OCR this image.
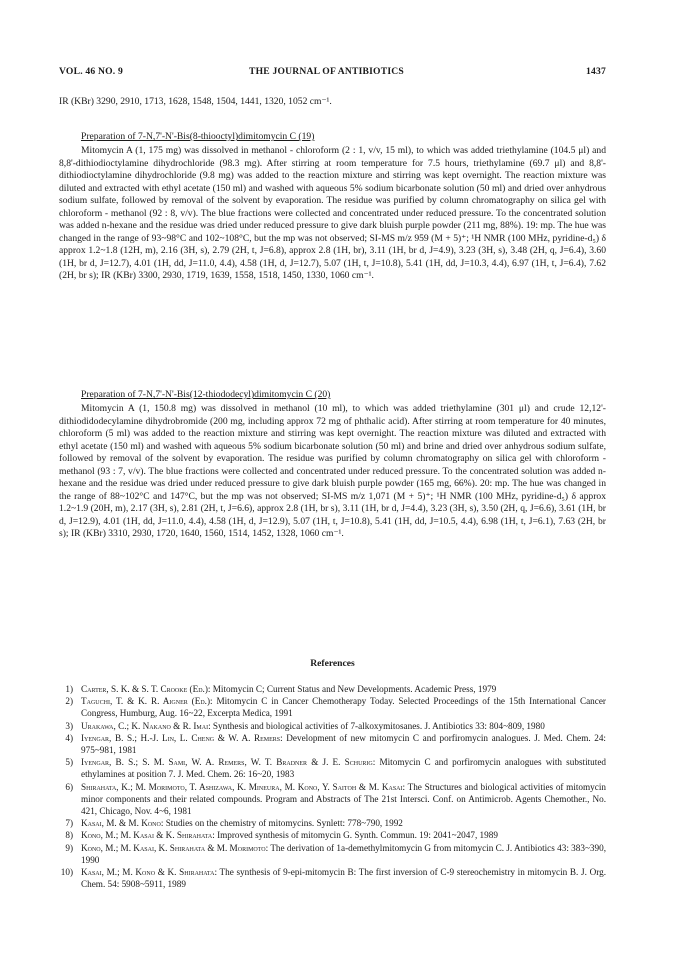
VOL. 46 NO. 9	THE JOURNAL OF ANTIBIOTICS	1437
IR (KBr) 3290, 2910, 1713, 1628, 1548, 1504, 1441, 1320, 1052 cm⁻¹.
Preparation of 7-N,7'-N'-Bis(8-thiooctyl)dimitomycin C (19)
Mitomycin A (1, 175 mg) was dissolved in methanol - chloroform (2 : 1, v/v, 15 ml), to which was added triethylamine (104.5 μl) and 8,8'-dithiodioctylamine dihydrochloride (98.3 mg). After stirring at room temperature for 7.5 hours, triethylamine (69.7 μl) and 8,8'-dithiodioctylamine dihydrochloride (9.8 mg) was added to the reaction mixture and stirring was kept overnight. The reaction mixture was diluted and extracted with ethyl acetate (150 ml) and washed with aqueous 5% sodium bicarbonate solution (50 ml) and dried over anhydrous sodium sulfate, followed by removal of the solvent by evaporation. The residue was purified by column chromatography on silica gel with chloroform - methanol (92 : 8, v/v). The blue fractions were collected and concentrated under reduced pressure. To the concentrated solution was added n-hexane and the residue was dried under reduced pressure to give dark bluish purple powder (211 mg, 88%). 19: mp. The hue was changed in the range of 93~98°C and 102~108°C, but the mp was not observed; SI-MS m/z 959 (M + 5)⁺; ¹H NMR (100 MHz, pyridine-d₅) δ approx 1.2~1.8 (12H, m), 2.16 (3H, s), 2.79 (2H, t, J=6.8), approx 2.8 (1H, br), 3.11 (1H, br d, J=4.9), 3.23 (3H, s), 3.48 (2H, q, J=6.4), 3.60 (1H, br d, J=12.7), 4.01 (1H, dd, J=11.0, 4.4), 4.58 (1H, d, J=12.7), 5.07 (1H, t, J=10.8), 5.41 (1H, dd, J=10.3, 4.4), 6.97 (1H, t, J=6.4), 7.62 (2H, br s); IR (KBr) 3300, 2930, 1719, 1639, 1558, 1518, 1450, 1330, 1060 cm⁻¹.
Preparation of 7-N,7'-N'-Bis(12-thiododecyl)dimitomycin C (20)
Mitomycin A (1, 150.8 mg) was dissolved in methanol (10 ml), to which was added triethylamine (301 μl) and crude 12,12'-dithiodidodecylamine dihydrobromide (200 mg, including approx 72 mg of phthalic acid). After stirring at room temperature for 40 minutes, chloroform (5 ml) was added to the reaction mixture and stirring was kept overnight. The reaction mixture was diluted and extracted with ethyl acetate (150 ml) and washed with aqueous 5% sodium bicarbonate solution (50 ml) and brine and dried over anhydrous sodium sulfate, followed by removal of the solvent by evaporation. The residue was purified by column chromatography on silica gel with chloroform - methanol (93 : 7, v/v). The blue fractions were collected and concentrated under reduced pressure. To the concentrated solution was added n-hexane and the residue was dried under reduced pressure to give dark bluish purple powder (165 mg, 66%). 20: mp. The hue was changed in the range of 88~102°C and 147°C, but the mp was not observed; SI-MS m/z 1,071 (M + 5)⁺; ¹H NMR (100 MHz, pyridine-d₅) δ approx 1.2~1.9 (20H, m), 2.17 (3H, s), 2.81 (2H, t, J=6.6), approx 2.8 (1H, br s), 3.11 (1H, br d, J=4.4), 3.23 (3H, s), 3.50 (2H, q, J=6.6), 3.61 (1H, br d, J=12.9), 4.01 (1H, dd, J=11.0, 4.4), 4.58 (1H, d, J=12.9), 5.07 (1H, t, J=10.8), 5.41 (1H, dd, J=10.5, 4.4), 6.98 (1H, t, J=6.1), 7.63 (2H, br s); IR (KBr) 3310, 2930, 1720, 1640, 1560, 1514, 1452, 1328, 1060 cm⁻¹.
References
1) Carter, S. K. & S. T. Crooke (Ed.): Mitomycin C; Current Status and New Developments. Academic Press, 1979
2) Taguchi, T. & K. R. Aigner (Ed.): Mitomycin C in Cancer Chemotherapy Today. Selected Proceedings of the 15th International Cancer Congress, Humburg, Aug. 16~22, Excerpta Medica, 1991
3) Urakawa, C.; K. Nakano & R. Imai: Synthesis and biological activities of 7-alkoxymitosanes. J. Antibiotics 33: 804~809, 1980
4) Iyengar, B. S.; H.-J. Lin, L. Cheng & W. A. Remers: Development of new mitomycin C and porfiromycin analogues. J. Med. Chem. 24: 975~981, 1981
5) Iyengar, B. S.; S. M. Sami, W. A. Remers, W. T. Bradner & J. E. Schurig: Mitomycin C and porfiromycin analogues with substituted ethylamines at position 7. J. Med. Chem. 26: 16~20, 1983
6) Shirahata, K.; M. Morimoto, T. Ashizawa, K. Mineura, M. Kono, Y. Saitoh & M. Kasai: The Structures and biological activities of mitomycin minor components and their related compounds. Program and Abstracts of The 21st Intersci. Conf. on Antimicrob. Agents Chemother., No. 421, Chicago, Nov. 4~6, 1981
7) Kasai, M. & M. Kono: Studies on the chemistry of mitomycins. Synlett: 778~790, 1992
8) Kono, M.; M. Kasai & K. Shirahata: Improved synthesis of mitomycin G. Synth. Commun. 19: 2041~2047, 1989
9) Kono, M.; M. Kasai, K. Shirahata & M. Morimoto: The derivation of 1a-demethylmitomycin G from mitomycin C. J. Antibiotics 43: 383~390, 1990
10) Kasai, M.; M. Kono & K. Shirahata: The synthesis of 9-epi-mitomycin B: The first inversion of C-9 stereochemistry in mitomycin B. J. Org. Chem. 54: 5908~5911, 1989
